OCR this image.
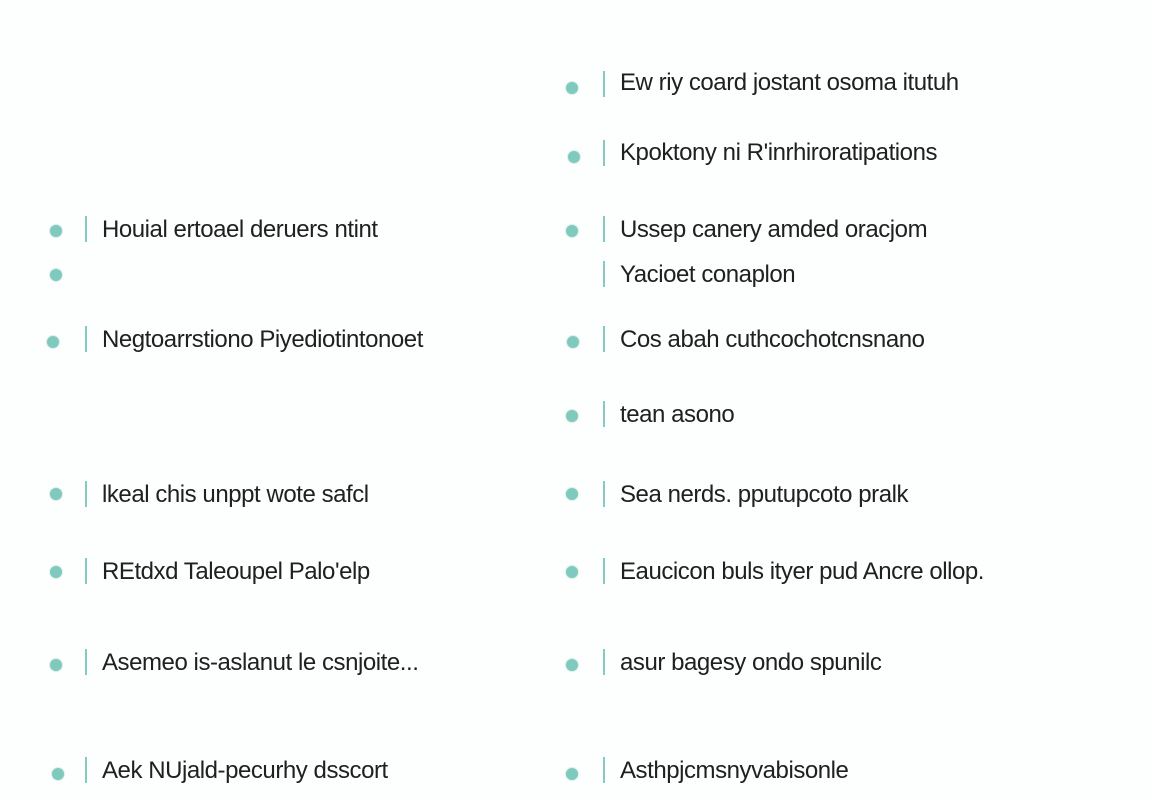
Ew riy coard jostant osoma itutuh
Kpoktony ni R'inrhiroratipations
Houial ertoael deruers ntint	Ussep canery amded oracjom
Yacioet conaplon
Negtoarrstiono Piyediotintonoet	Cos abah cuthcochotcnsnano
tean asono
lkeal chis unppt wote safcl	Sea nerds. pputupcoto pralk
REtdxd Taleoupel Palo'elp	Eaucicon buls ityer pud Ancre ollop.
Asemeo is-aslanut le csnjoite...	asur bagesy ondo spunilc
Aek NUjald-pecurhy dsscort	Asthpjcmsnyvabisonle
